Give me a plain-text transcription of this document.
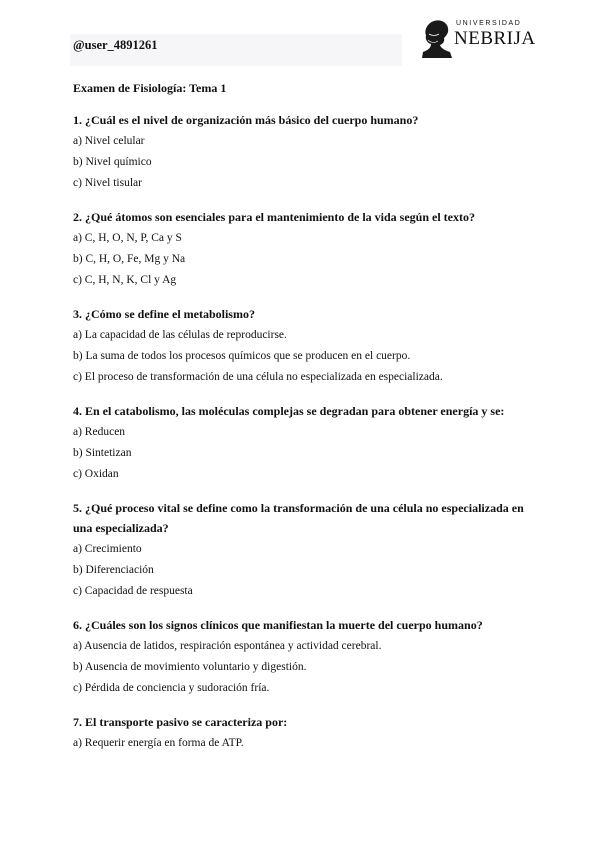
@user_4891261
UNIVERSIDAD
NEBRIJA
Examen de Fisiología: Tema 1
1. ¿Cuál es el nivel de organización más básico del cuerpo humano?
a) Nivel celular
b) Nivel químico
c) Nivel tisular
2. ¿Qué átomos son esenciales para el mantenimiento de la vida según el texto?
a) C, H, O, N, P, Ca y S
b) C, H, O, Fe, Mg y Na
c) C, H, N, K, Cl y Ag
3. ¿Cómo se define el metabolismo?
a) La capacidad de las células de reproducirse.
b) La suma de todos los procesos químicos que se producen en el cuerpo.
c) El proceso de transformación de una célula no especializada en especializada.
4. En el catabolismo, las moléculas complejas se degradan para obtener energía y se:
a) Reducen
b) Sintetizan
c) Oxidan
5. ¿Qué proceso vital se define como la transformación de una célula no especializada en una especializada?
a) Crecimiento
b) Diferenciación
c) Capacidad de respuesta
6. ¿Cuáles son los signos clínicos que manifiestan la muerte del cuerpo humano?
a) Ausencia de latidos, respiración espontánea y actividad cerebral.
b) Ausencia de movimiento voluntario y digestión.
c) Pérdida de conciencia y sudoración fría.
7. El transporte pasivo se caracteriza por:
a) Requerir energía en forma de ATP.
